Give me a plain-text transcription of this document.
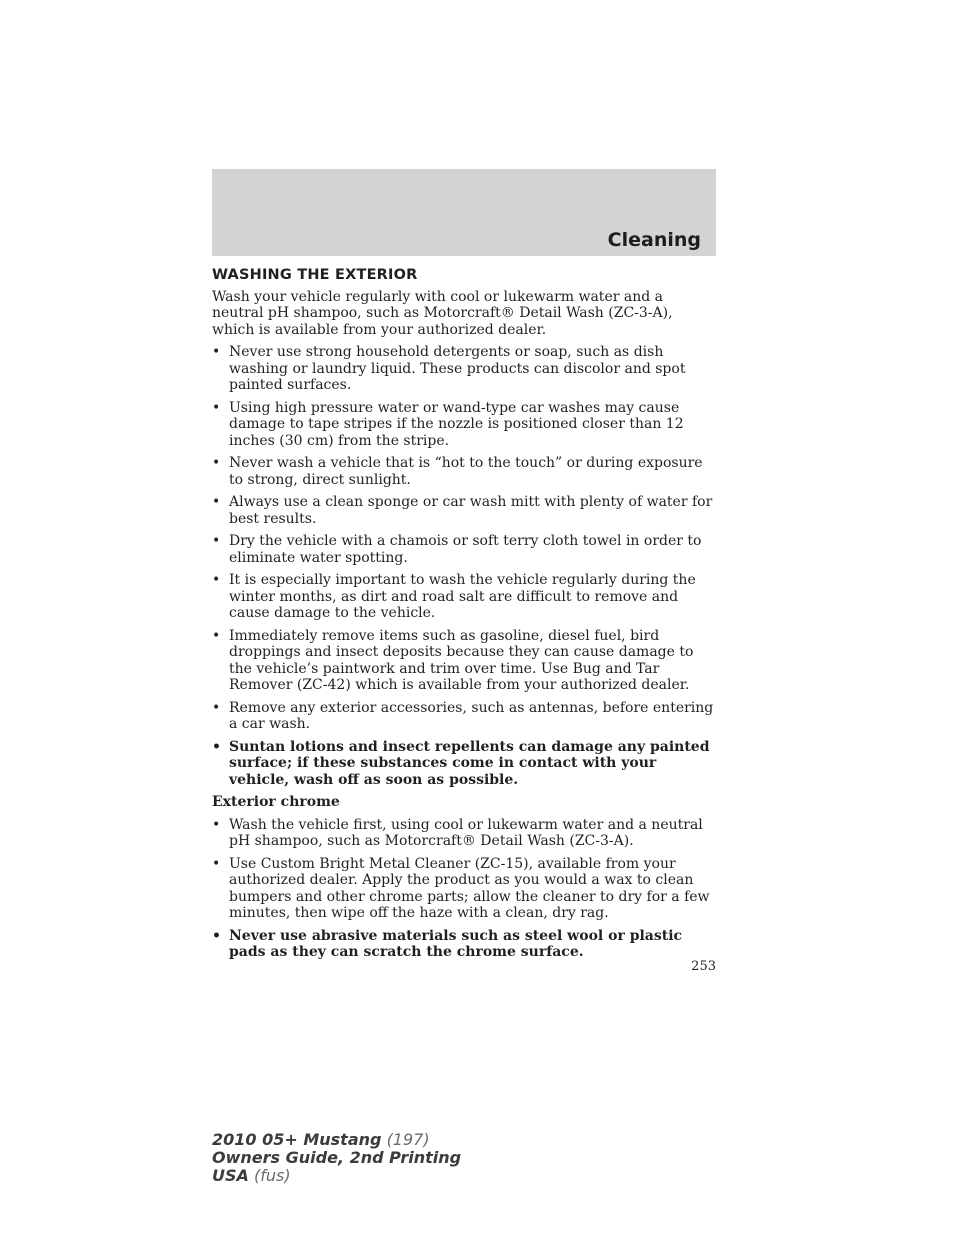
Cleaning
WASHING THE EXTERIOR

Wash your vehicle regularly with cool or lukewarm water and a neutral pH shampoo, such as Motorcraft® Detail Wash (ZC-3-A), which is available from your authorized dealer.

• Never use strong household detergents or soap, such as dish washing or laundry liquid. These products can discolor and spot painted surfaces.
• Using high pressure water or wand-type car washes may cause damage to tape stripes if the nozzle is positioned closer than 12 inches (30 cm) from the stripe.
• Never wash a vehicle that is “hot to the touch” or during exposure to strong, direct sunlight.
• Always use a clean sponge or car wash mitt with plenty of water for best results.
• Dry the vehicle with a chamois or soft terry cloth towel in order to eliminate water spotting.
• It is especially important to wash the vehicle regularly during the winter months, as dirt and road salt are difficult to remove and cause damage to the vehicle.
• Immediately remove items such as gasoline, diesel fuel, bird droppings and insect deposits because they can cause damage to the vehicle’s paintwork and trim over time. Use Bug and Tar Remover (ZC-42) which is available from your authorized dealer.
• Remove any exterior accessories, such as antennas, before entering a car wash.
• Suntan lotions and insect repellents can damage any painted surface; if these substances come in contact with your vehicle, wash off as soon as possible.
Exterior chrome
• Wash the vehicle first, using cool or lukewarm water and a neutral pH shampoo, such as Motorcraft® Detail Wash (ZC-3-A).
• Use Custom Bright Metal Cleaner (ZC-15), available from your authorized dealer. Apply the product as you would a wax to clean bumpers and other chrome parts; allow the cleaner to dry for a few minutes, then wipe off the haze with a clean, dry rag.
• Never use abrasive materials such as steel wool or plastic pads as they can scratch the chrome surface.
253
2010 05+ Mustang (197)
Owners Guide, 2nd Printing
USA (fus)
